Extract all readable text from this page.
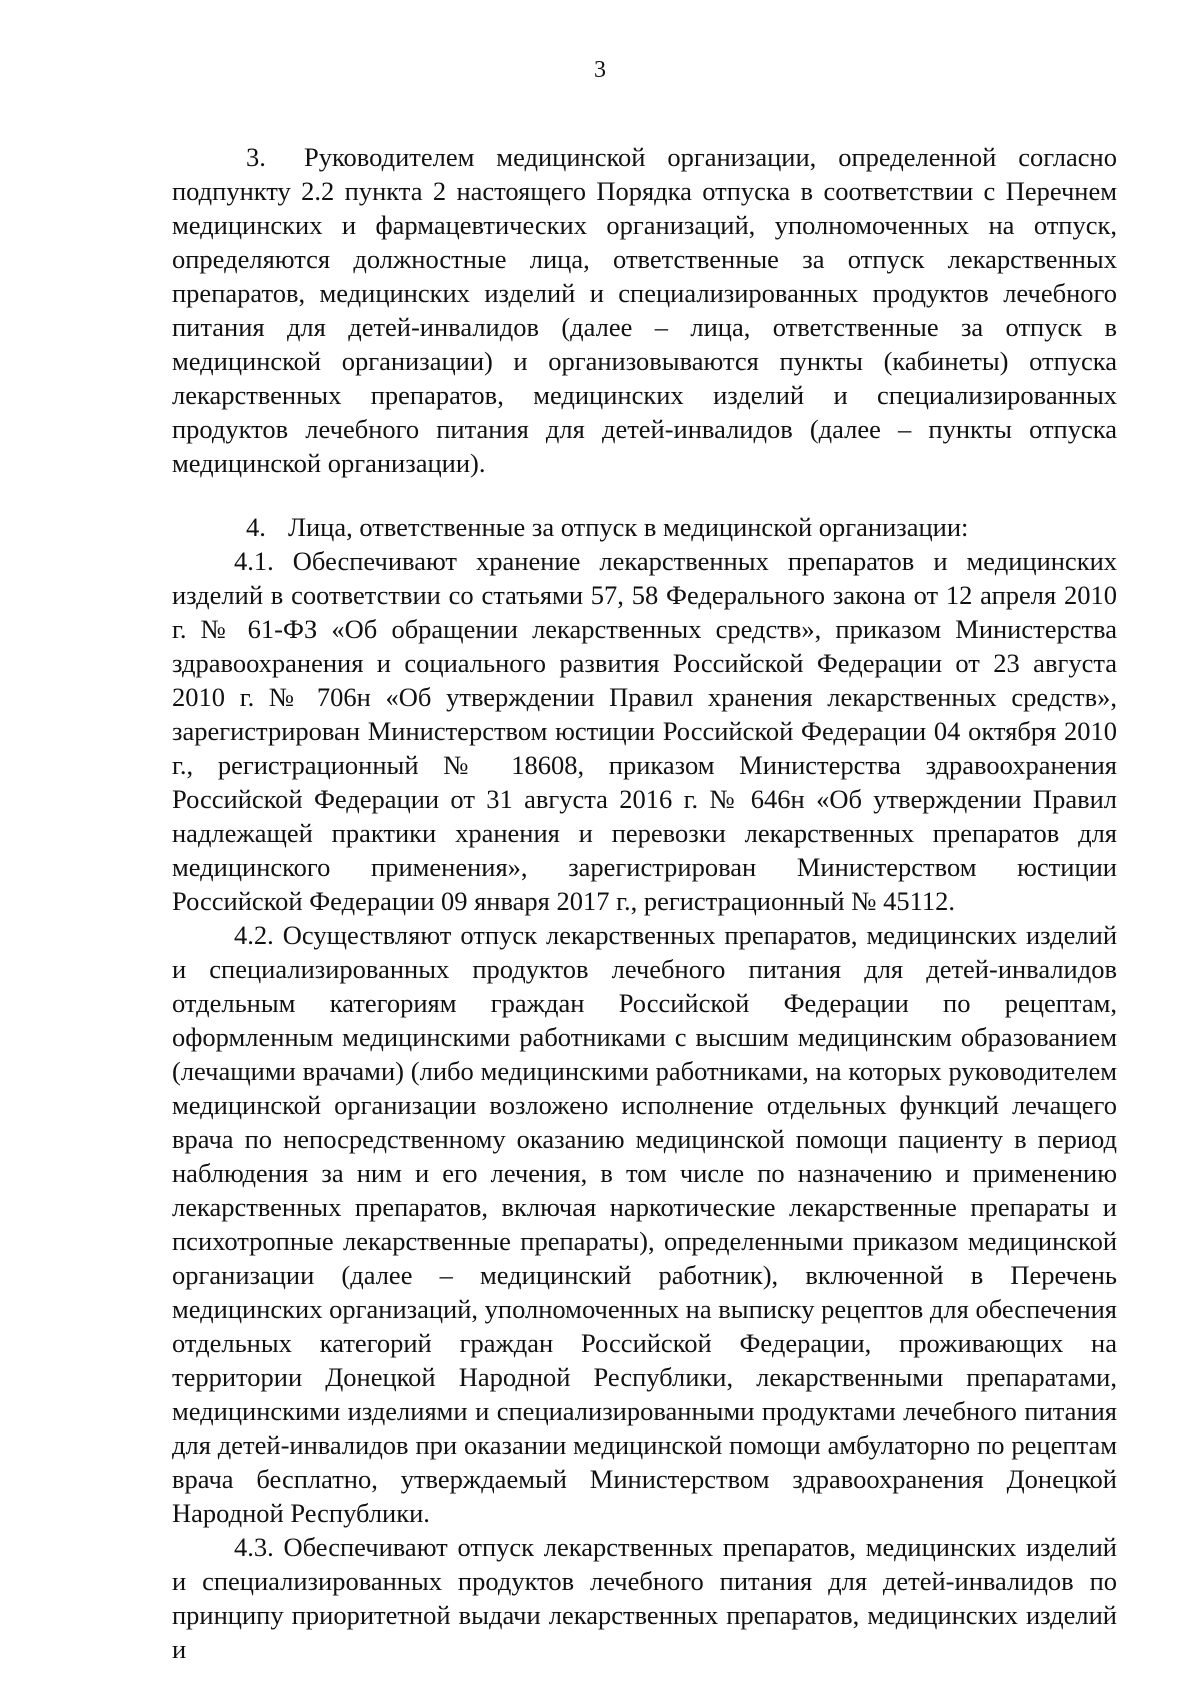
3

3. Руководителем медицинской организации, определенной согласно подпункту 2.2 пункта 2 настоящего Порядка отпуска в соответствии с Перечнем медицинских и фармацевтических организаций, уполномоченных на отпуск, определяются должностные лица, ответственные за отпуск лекарственных препаратов, медицинских изделий и специализированных продуктов лечебного питания для детей-инвалидов (далее – лица, ответственные за отпуск в медицинской организации) и организовываются пункты (кабинеты) отпуска лекарственных препаратов, медицинских изделий и специализированных продуктов лечебного питания для детей-инвалидов (далее – пункты отпуска медицинской организации).

4. Лица, ответственные за отпуск в медицинской организации:

4.1. Обеспечивают хранение лекарственных препаратов и медицинских изделий в соответствии со статьями 57, 58 Федерального закона от 12 апреля 2010 г. № 61-ФЗ «Об обращении лекарственных средств», приказом Министерства здравоохранения и социального развития Российской Федерации от 23 августа 2010 г. № 706н «Об утверждении Правил хранения лекарственных средств», зарегистрирован Министерством юстиции Российской Федерации 04 октября 2010 г., регистрационный № 18608, приказом Министерства здравоохранения Российской Федерации от 31 августа 2016 г. № 646н «Об утверждении Правил надлежащей практики хранения и перевозки лекарственных препаратов для медицинского применения», зарегистрирован Министерством юстиции Российской Федерации 09 января 2017 г., регистрационный № 45112.

4.2. Осуществляют отпуск лекарственных препаратов, медицинских изделий и специализированных продуктов лечебного питания для детей-инвалидов отдельным категориям граждан Российской Федерации по рецептам, оформленным медицинскими работниками с высшим медицинским образованием (лечащими врачами) (либо медицинскими работниками, на которых руководителем медицинской организации возложено исполнение отдельных функций лечащего врача по непосредственному оказанию медицинской помощи пациенту в период наблюдения за ним и его лечения, в том числе по назначению и применению лекарственных препаратов, включая наркотические лекарственные препараты и психотропные лекарственные препараты), определенными приказом медицинской организации (далее – медицинский работник), включенной в Перечень медицинских организаций, уполномоченных на выписку рецептов для обеспечения отдельных категорий граждан Российской Федерации, проживающих на территории Донецкой Народной Республики, лекарственными препаратами, медицинскими изделиями и специализированными продуктами лечебного питания для детей-инвалидов при оказании медицинской помощи амбулаторно по рецептам врача бесплатно, утверждаемый Министерством здравоохранения Донецкой Народной Республики.

4.3. Обеспечивают отпуск лекарственных препаратов, медицинских изделий и специализированных продуктов лечебного питания для детей-инвалидов по принципу приоритетной выдачи лекарственных препаратов, медицинских изделий и
